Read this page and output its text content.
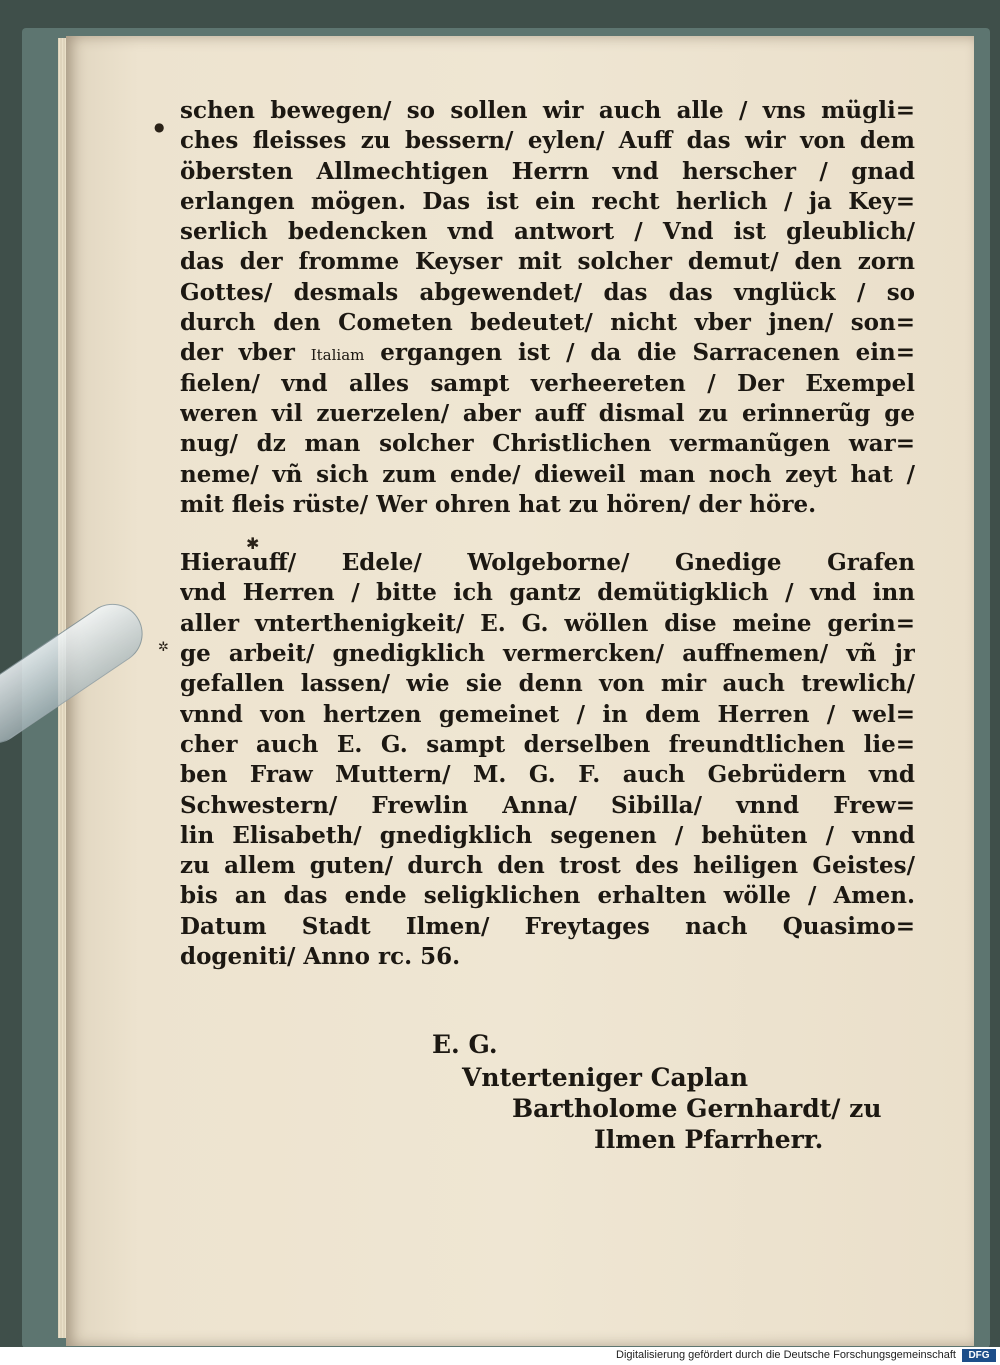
●
✱
✲
schen bewegen/ so sollen wir auch alle / vns mügli=
ches fleisses zu bessern/ eylen/ Auff das wir von dem
öbersten Allmechtigen Herrn vnd herscher / gnad
erlangen mögen. Das ist ein recht herlich / ja Key=
serlich bedencken vnd antwort / Vnd ist gleublich/
das der fromme Keyser mit solcher demut/ den zorn
Gottes/ desmals abgewendet/ das das vnglück / so
durch den Cometen bedeutet/ nicht vber jnen/ son=
der vber Italiam ergangen ist / da die Sarracenen ein=
fielen/ vnd alles sampt verheereten / Der Exempel
weren vil zuerzelen/ aber auff dismal zu erinnerũg ge
nug/ dz man solcher Christlichen vermanũgen war=
neme/ vñ sich zum ende/ dieweil man noch zeyt hat /
mit fleis rüste/ Wer ohren hat zu hören/ der höre.
Hierauff/ Edele/ Wolgeborne/ Gnedige Grafen
vnd Herren / bitte ich gantz demütigklich / vnd inn
aller vnterthenigkeit/ E. G. wöllen dise meine gerin=
ge arbeit/ gnedigklich vermercken/ auffnemen/ vñ jr
gefallen lassen/ wie sie denn von mir auch trewlich/
vnnd von hertzen gemeinet / in dem Herren / wel=
cher auch E. G. sampt derselben freundtlichen lie=
ben Fraw Muttern/ M. G. F. auch Gebrüdern vnd
Schwestern/ Frewlin Anna/ Sibilla/ vnnd Frew=
lin Elisabeth/ gnedigklich segenen / behüten / vnnd
zu allem guten/ durch den trost des heiligen Geistes/
bis an das ende seligklichen erhalten wölle / Amen.
Datum Stadt Ilmen/ Freytages nach Quasimo=
dogeniti/ Anno rc. 56.
E. G.
Vnterteniger Caplan
Bartholome Gernhardt/ zu
Ilmen Pfarrherr.
Digitalisierung gefördert durch die Deutsche Forschungsgemeinschaft	DFG
